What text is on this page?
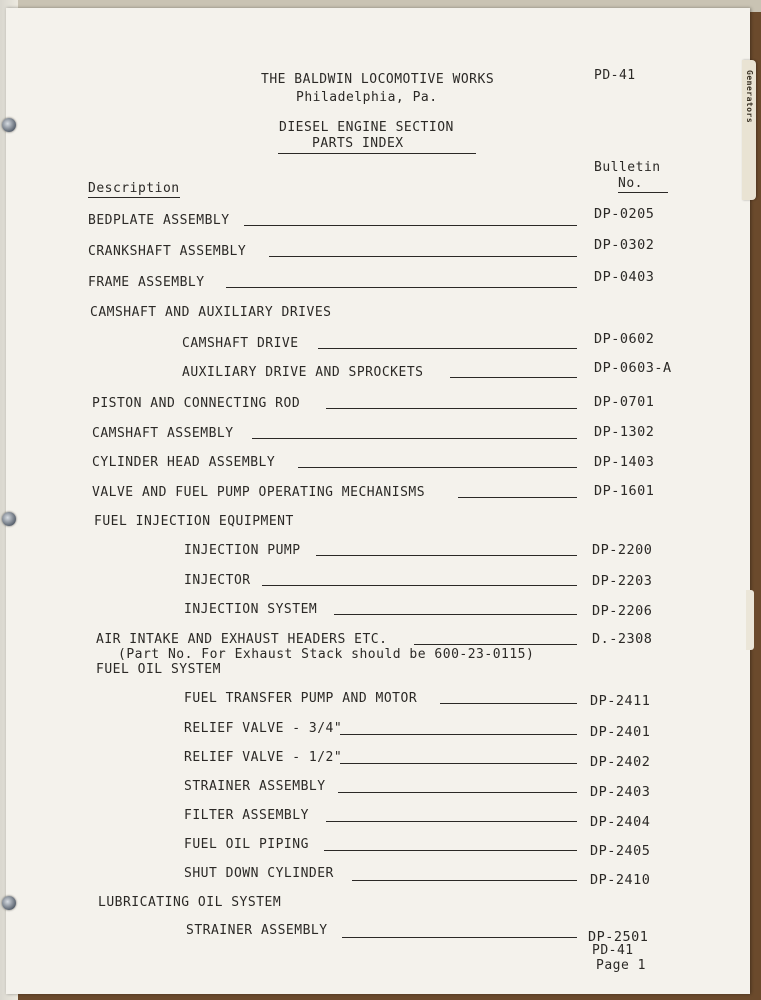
THE BALDWIN LOCOMOTIVE WORKS
Philadelphia, Pa.
PD-41
DIESEL ENGINE SECTION
PARTS INDEX
Bulletin
No.
Description
BEDPLATE ASSEMBLY	DP-0205
CRANKSHAFT ASSEMBLY	DP-0302
FRAME ASSEMBLY	DP-0403
CAMSHAFT AND AUXILIARY DRIVES
CAMSHAFT DRIVE	DP-0602
AUXILIARY DRIVE AND SPROCKETS	DP-0603-A
PISTON AND CONNECTING ROD	DP-0701
CAMSHAFT ASSEMBLY	DP-1302
CYLINDER HEAD ASSEMBLY	DP-1403
VALVE AND FUEL PUMP OPERATING MECHANISMS	DP-1601
FUEL INJECTION EQUIPMENT
INJECTION PUMP	DP-2200
INJECTOR	DP-2203
INJECTION SYSTEM	DP-2206
AIR INTAKE AND EXHAUST HEADERS ETC.	D.-2308
(Part No. For Exhaust Stack should be 600-23-0115)
FUEL OIL SYSTEM
FUEL TRANSFER PUMP AND MOTOR	DP-2411
RELIEF VALVE - 3/4"	DP-2401
RELIEF VALVE - 1/2"	DP-2402
STRAINER ASSEMBLY	DP-2403
FILTER ASSEMBLY	DP-2404
FUEL OIL PIPING	DP-2405
SHUT DOWN CYLINDER	DP-2410
LUBRICATING OIL SYSTEM
STRAINER ASSEMBLY	DP-2501
PD-41
Page 1
Generators
